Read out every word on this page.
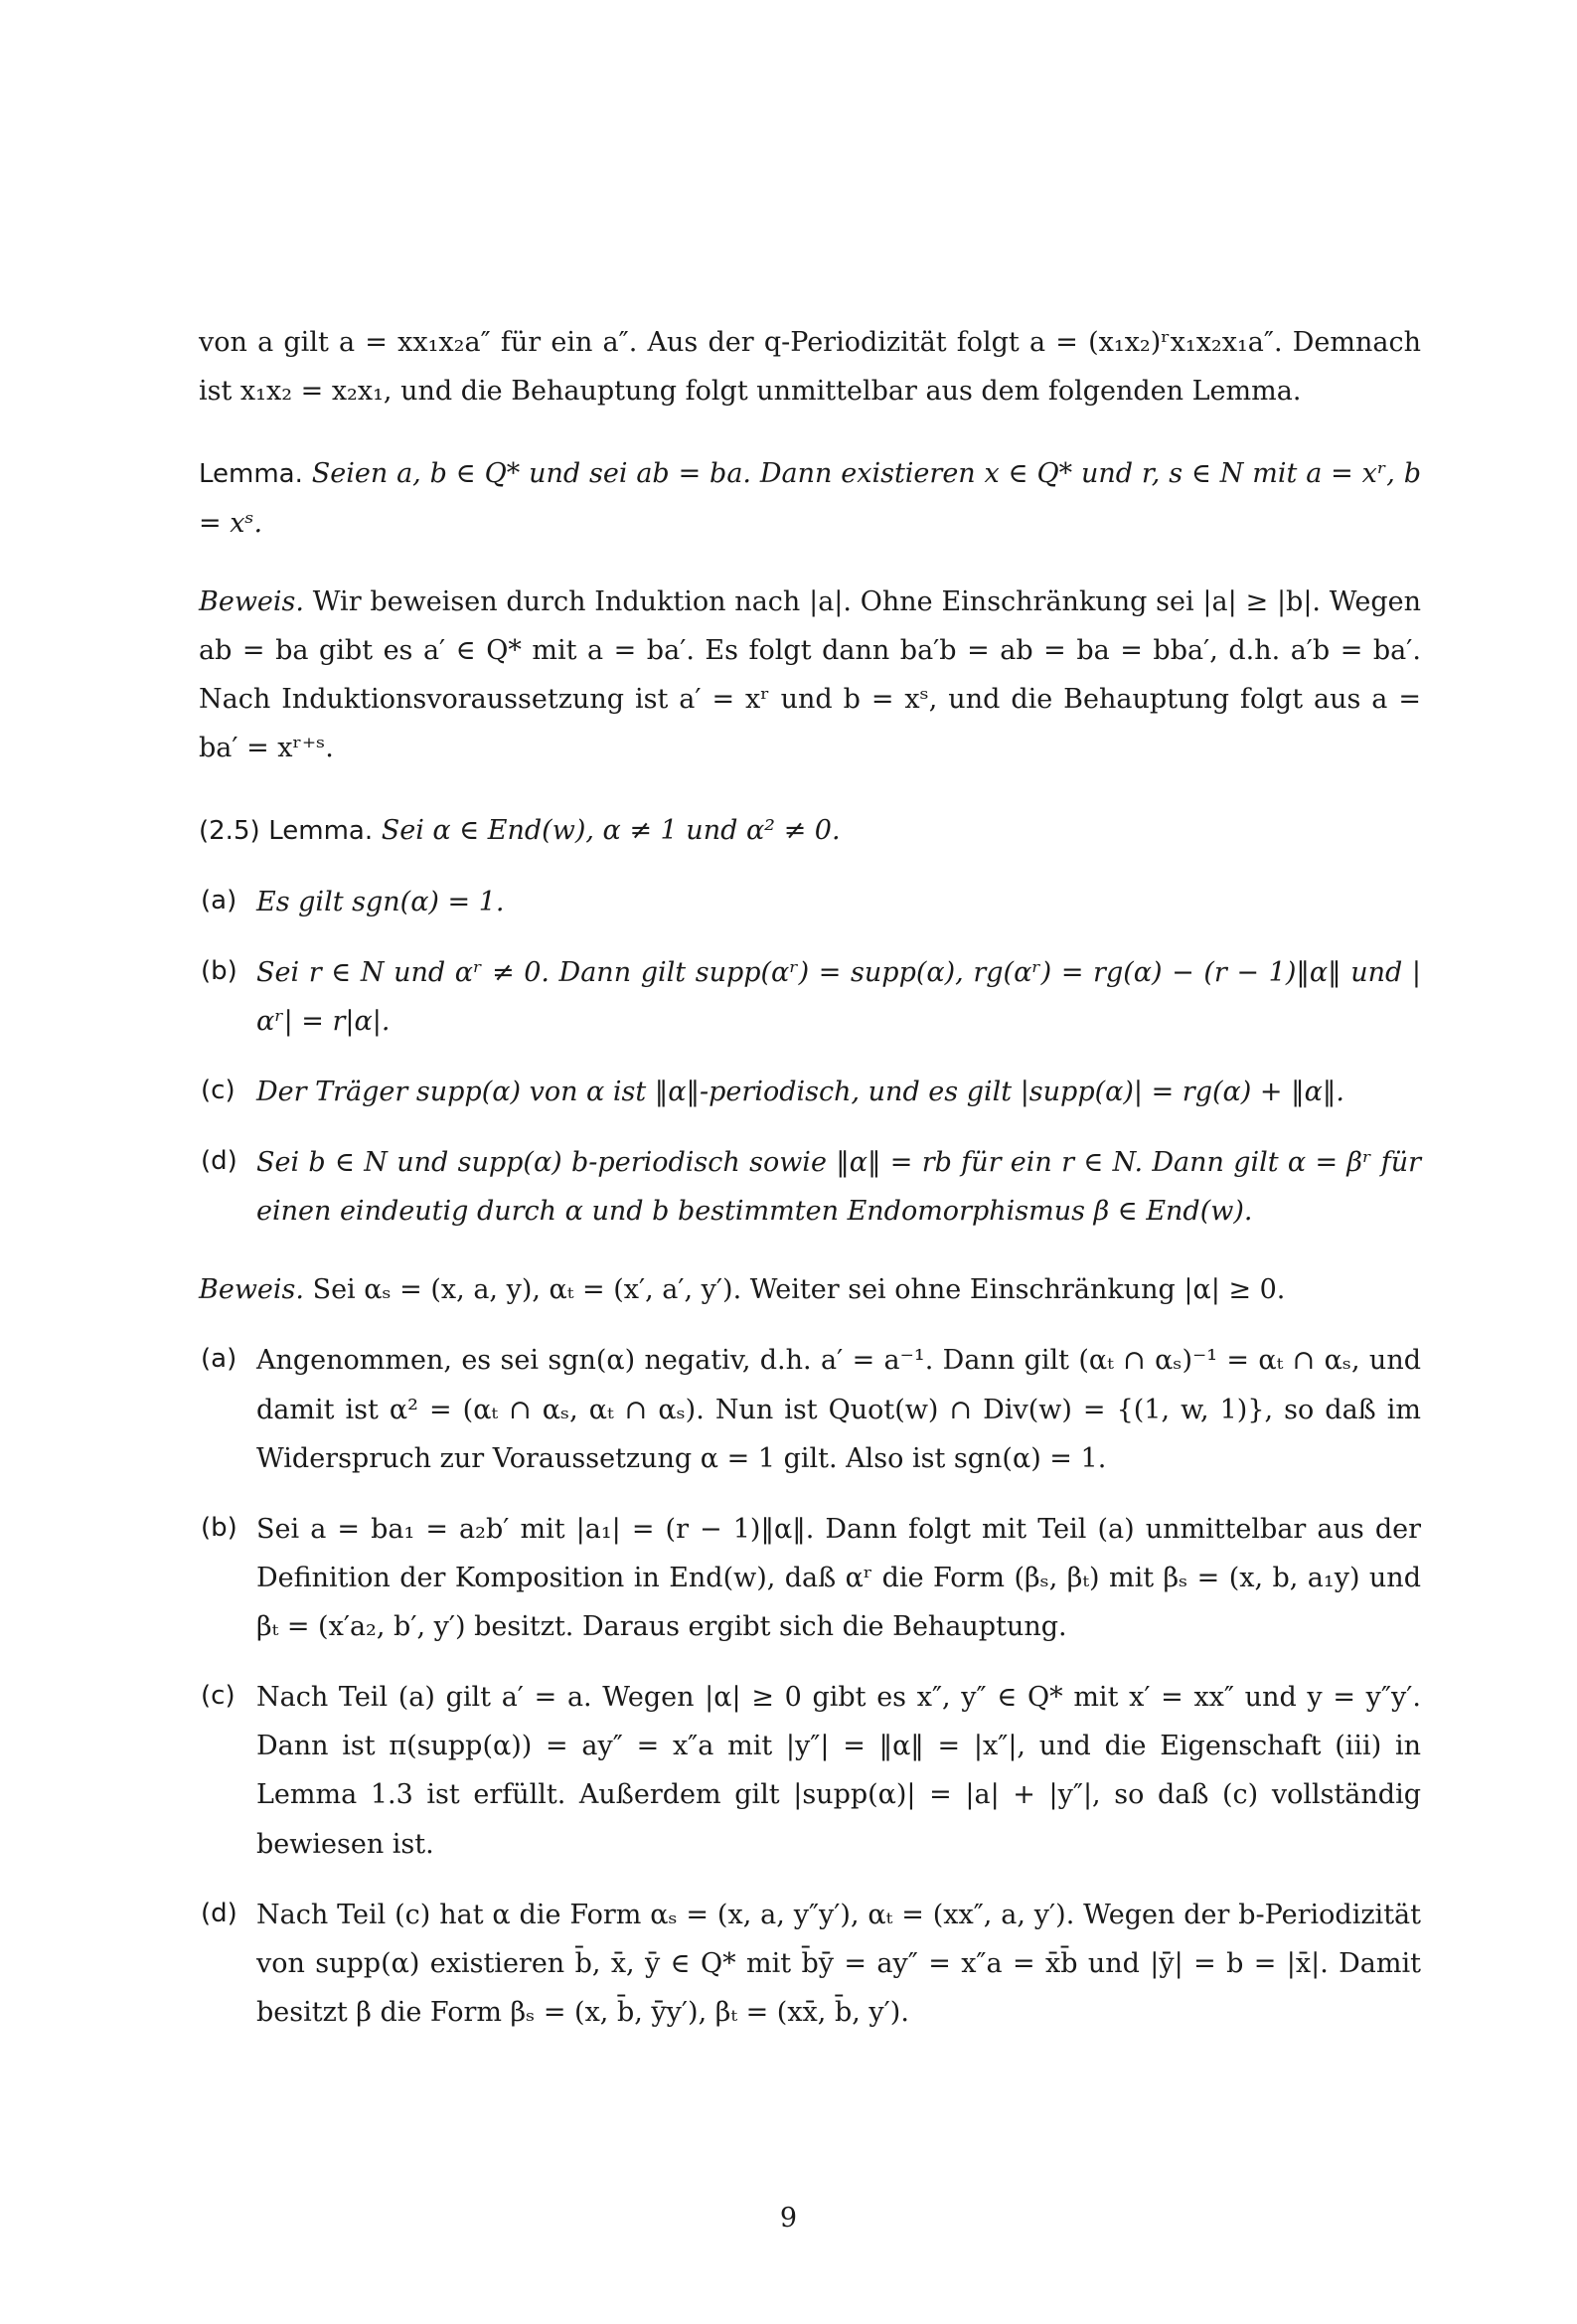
von a gilt a = xx₁x₂a″ für ein a″. Aus der q-Periodizität folgt a = (x₁x₂)ʳx₁x₂x₁a″. Demnach ist x₁x₂ = x₂x₁, und die Behauptung folgt unmittelbar aus dem folgenden Lemma.

Lemma. Seien a, b ∈ Q* und sei ab = ba. Dann existieren x ∈ Q* und r, s ∈ N mit a = xʳ, b = xˢ.

Beweis. Wir beweisen durch Induktion nach |a|. Ohne Einschränkung sei |a| ≥ |b|. Wegen ab = ba gibt es a′ ∈ Q* mit a = ba′. Es folgt dann ba′b = ab = ba = bba′, d.h. a′b = ba′. Nach Induktionsvoraussetzung ist a′ = xʳ und b = xˢ, und die Behauptung folgt aus a = ba′ = xʳ⁺ˢ.

(2.5) Lemma. Sei α ∈ End(w), α ≠ 1 und α² ≠ 0.

(a) Es gilt sgn(α) = 1.
(b) Sei r ∈ N und αʳ ≠ 0. Dann gilt supp(αʳ) = supp(α), rg(αʳ) = rg(α) − (r − 1)‖α‖ und |αʳ| = r|α|.
(c) Der Träger supp(α) von α ist ‖α‖-periodisch, und es gilt |supp(α)| = rg(α) + ‖α‖.
(d) Sei b ∈ N und supp(α) b-periodisch sowie ‖α‖ = rb für ein r ∈ N. Dann gilt α = βʳ für einen eindeutig durch α und b bestimmten Endomorphismus β ∈ End(w).

Beweis. Sei αₛ = (x, a, y), αₜ = (x′, a′, y′). Weiter sei ohne Einschränkung |α| ≥ 0.

(a) Angenommen, es sei sgn(α) negativ, d.h. a′ = a⁻¹. Dann gilt (αₜ ∩ αₛ)⁻¹ = αₜ ∩ αₛ, und damit ist α² = (αₜ ∩ αₛ, αₜ ∩ αₛ). Nun ist Quot(w) ∩ Div(w) = {(1, w, 1)}, so daß im Widerspruch zur Voraussetzung α = 1 gilt. Also ist sgn(α) = 1.
(b) Sei a = ba₁ = a₂b′ mit |a₁| = (r − 1)‖α‖. Dann folgt mit Teil (a) unmittelbar aus der Definition der Komposition in End(w), daß αʳ die Form (βₛ, βₜ) mit βₛ = (x, b, a₁y) und βₜ = (x′a₂, b′, y′) besitzt. Daraus ergibt sich die Behauptung.
(c) Nach Teil (a) gilt a′ = a. Wegen |α| ≥ 0 gibt es x″, y″ ∈ Q* mit x′ = xx″ und y = y″y′. Dann ist π(supp(α)) = ay″ = x″a mit |y″| = ‖α‖ = |x″|, und die Eigenschaft (iii) in Lemma 1.3 ist erfüllt. Außerdem gilt |supp(α)| = |a| + |y″|, so daß (c) vollständig bewiesen ist.
(d) Nach Teil (c) hat α die Form αₛ = (x, a, y″y′), αₜ = (xx″, a, y′). Wegen der b-Periodizität von supp(α) existieren b̄, x̄, ȳ ∈ Q* mit b̄ȳ = ay″ = x″a = x̄b̄ und |ȳ| = b = |x̄|. Damit besitzt β die Form βₛ = (x, b̄, ȳy′), βₜ = (xx̄, b̄, y′).
9
